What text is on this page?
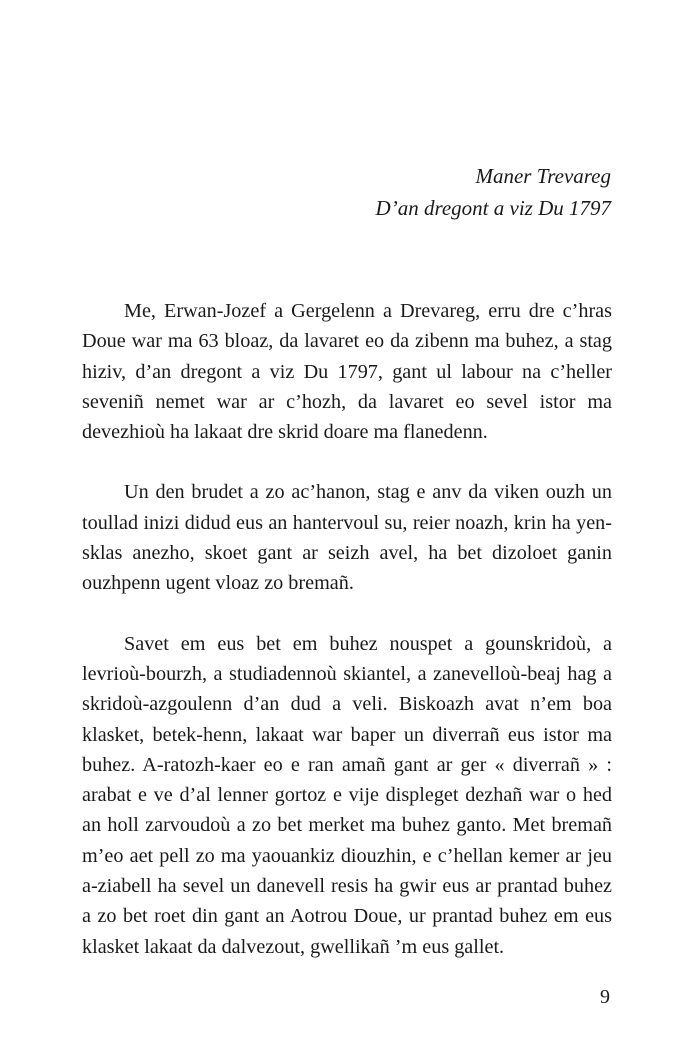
Maner Trevareg
D’an dregont a viz Du 1797

Me, Erwan-Jozef a Gergelenn a Drevareg, erru dre c’hras Doue war ma 63 bloaz, da lavaret eo da zibenn ma buhez, a stag hiziv, d’an dregont a viz Du 1797, gant ul labour na c’heller seveniñ nemet war ar c’hozh, da lavaret eo sevel istor ma devezhioù ha lakaat dre skrid doare ma flanedenn.

Un den brudet a zo ac’hanon, stag e anv da viken ouzh un toullad inizi didud eus an hantervoul su, reier noazh, krin ha yen-sklas anezho, skoet gant ar seizh avel, ha bet dizoloet ganin ouzhpenn ugent vloaz zo bremañ.

Savet em eus bet em buhez nouspet a gounskridoù, a levrioù-bourzh, a studiadennoù skiantel, a zanevelloù-beaj hag a skridoù-azgoulenn d’an dud a veli. Biskoazh avat n’em boa klasket, betek-henn, lakaat war baper un diverrañ eus istor ma buhez. A-ratozh-kaer eo e ran amañ gant ar ger « diverrañ » : arabat e ve d’al lenner gortoz e vije displeget dezhañ war o hed an holl zarvoudoù a zo bet merket ma buhez ganto. Met bremañ m’eo aet pell zo ma yaouankiz diouzhin, e c’hellan kemer ar jeu a-ziabell ha sevel un danevell resis ha gwir eus ar prantad buhez a zo bet roet din gant an Aotrou Doue, ur prantad buhez em eus klasket lakaat da dalvezout, gwellikañ ’m eus gallet.

9
